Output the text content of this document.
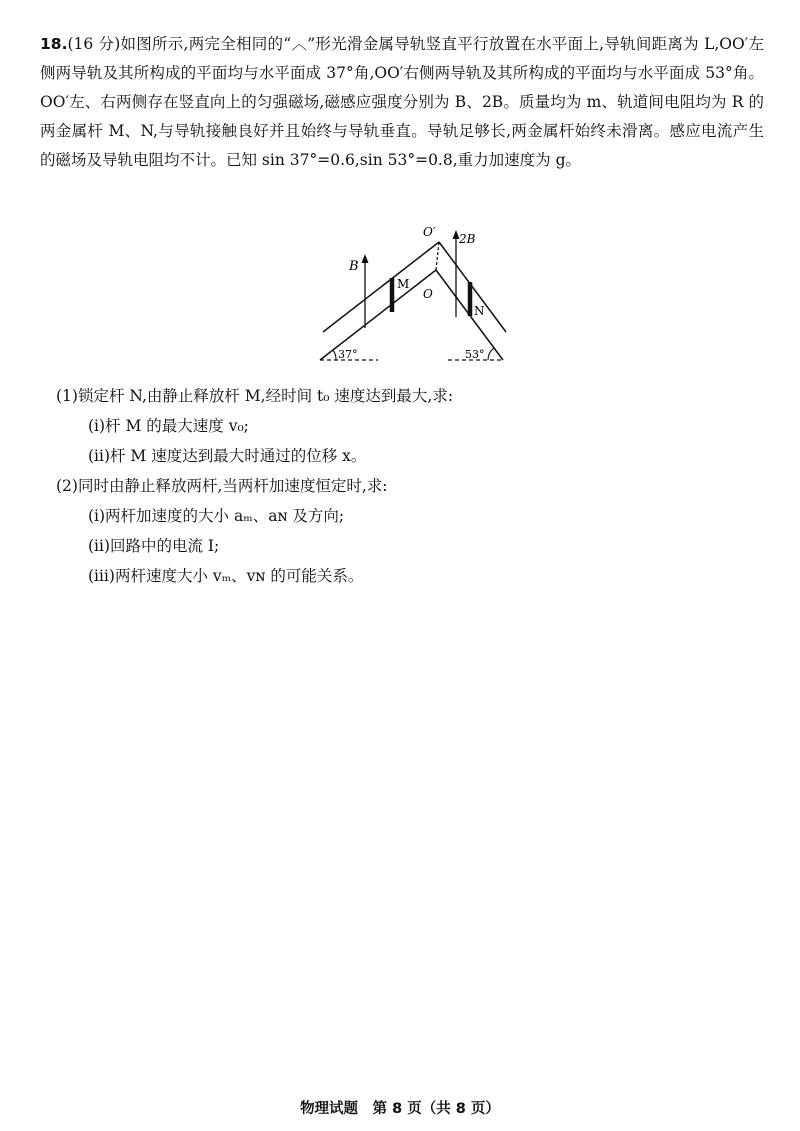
18.(16 分)如图所示,两完全相同的“︿”形光滑金属导轨竖直平行放置在水平面上,导轨间距离为 L,OO′左侧两导轨及其所构成的平面均与水平面成 37°角,OO′右侧两导轨及其所构成的平面均与水平面成 53°角。OO′左、右两侧存在竖直向上的匀强磁场,磁感应强度分别为 B、2B。质量均为 m、轨道间电阻均为 R 的两金属杆 M、N,与导轨接触良好并且始终与导轨垂直。导轨足够长,两金属杆始终未滑离。感应电流产生的磁场及导轨电阻均不计。已知 sin 37°=0.6,sin 53°=0.8,重力加速度为 g。

B
2B
M
N
O
O′
37°	53°

(1)锁定杆 N,由静止释放杆 M,经时间 t₀ 速度达到最大,求:

(ⅰ)杆 M 的最大速度 v₀;

(ⅱ)杆 M 速度达到最大时通过的位移 x。

(2)同时由静止释放两杆,当两杆加速度恒定时,求:

(ⅰ)两杆加速度的大小 aₘ、aɴ 及方向;

(ⅱ)回路中的电流 I;

(ⅲ)两杆速度大小 vₘ、vɴ 的可能关系。

物理试题　第 8 页（共 8 页）
